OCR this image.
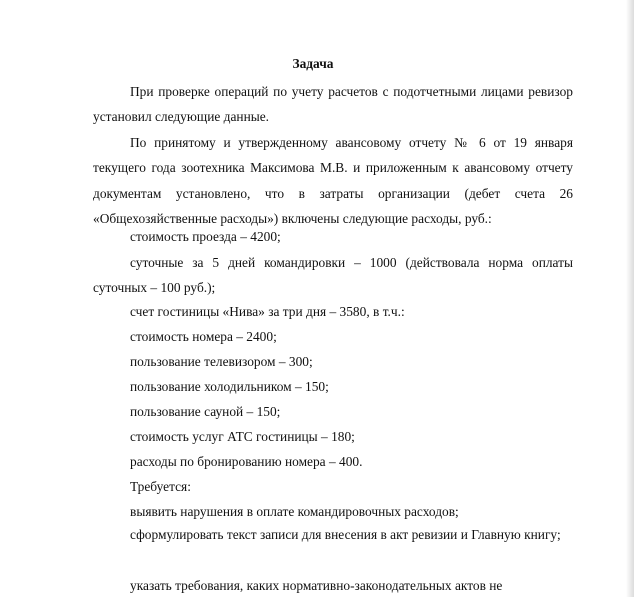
Задача

При проверке операций по учету расчетов с подотчетными лицами ревизор установил следующие данные.

По принятому и утвержденному авансовому отчету № 6 от 19 января текущего года зоотехника Максимова М.В. и приложенным к авансовому отчету документам установлено, что в затраты организации (дебет счета 26 «Общехозяйственные расходы») включены следующие расходы, руб.:

стоимость проезда – 4200;

суточные за 5 дней командировки – 1000 (действовала норма оплаты суточных – 100 руб.);

счет гостиницы «Нива» за три дня – 3580, в т.ч.:
стоимость номера – 2400;
пользование телевизором – 300;
пользование холодильником – 150;
пользование сауной – 150;
стоимость услуг АТС гостиницы – 180;
расходы по бронированию номера – 400.
Требуется:
выявить нарушения в оплате командировочных расходов;

сформулировать текст записи для внесения в акт ревизии и Главную книгу;

указать требования, каких нормативно-законодательных актов не
